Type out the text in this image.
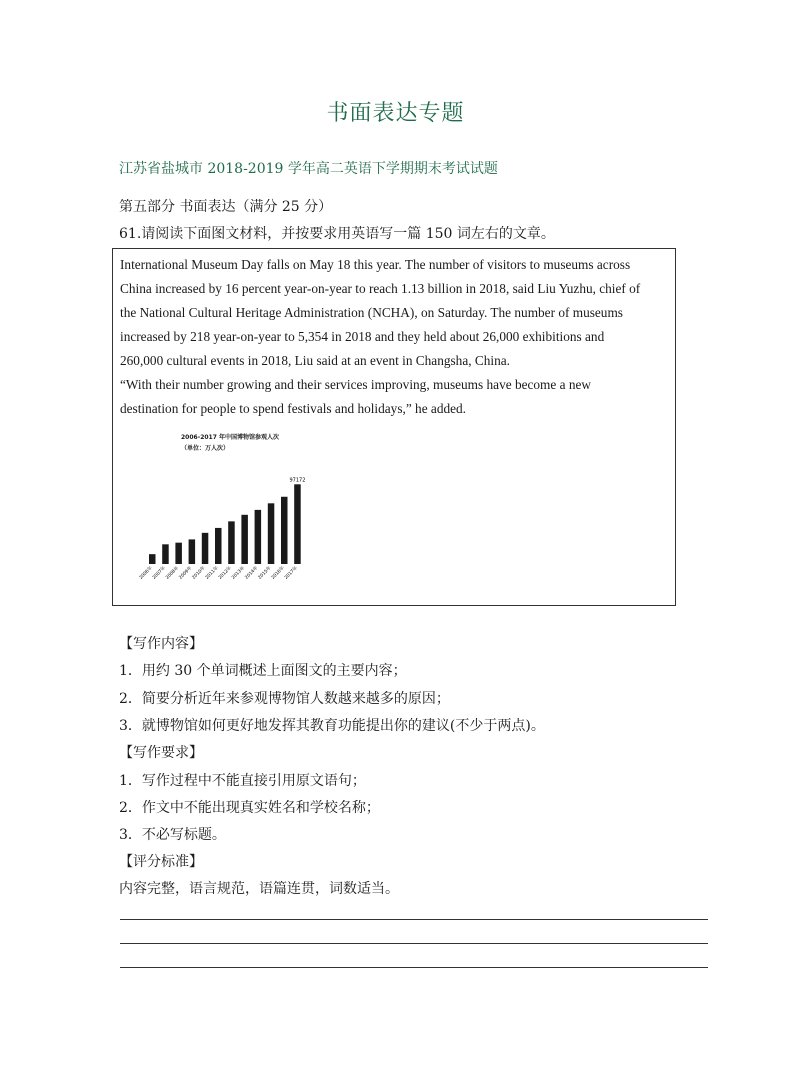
书面表达专题
江苏省盐城市 2018-2019 学年高二英语下学期期末考试试题
第五部分 书面表达（满分 25 分）
61.请阅读下面图文材料，并按要求用英语写一篇 150 词左右的文章。

International Museum Day falls on May 18 this year. The number of visitors to museums across

China increased by 16 percent year-on-year to reach 1.13 billion in 2018, said Liu Yuzhu, chief of

the National Cultural Heritage Administration (NCHA), on Saturday. The number of museums

increased by 218 year-on-year to 5,354 in 2018 and they held about 26,000 exhibitions and

260,000 cultural events in 2018, Liu said at an event in Changsha, China.

“With their number growing and their services improving, museums have become a new

destination for people to spend festivals and holidays,” he added.

2006-2017 年中国博物馆参观人次
（单位：万人次）
2006年
2007年
2008年
2009年
2010年
2011年
2012年
2013年
2014年
2015年
2016年
2017年
97172
【写作内容】
1．用约 30 个单词概述上面图文的主要内容；
2．简要分析近年来参观博物馆人数越来越多的原因；
3．就博物馆如何更好地发挥其教育功能提出你的建议(不少于两点)。
【写作要求】
1．写作过程中不能直接引用原文语句；
2．作文中不能出现真实姓名和学校名称；
3．不必写标题。
【评分标准】
内容完整，语言规范，语篇连贯，词数适当。
